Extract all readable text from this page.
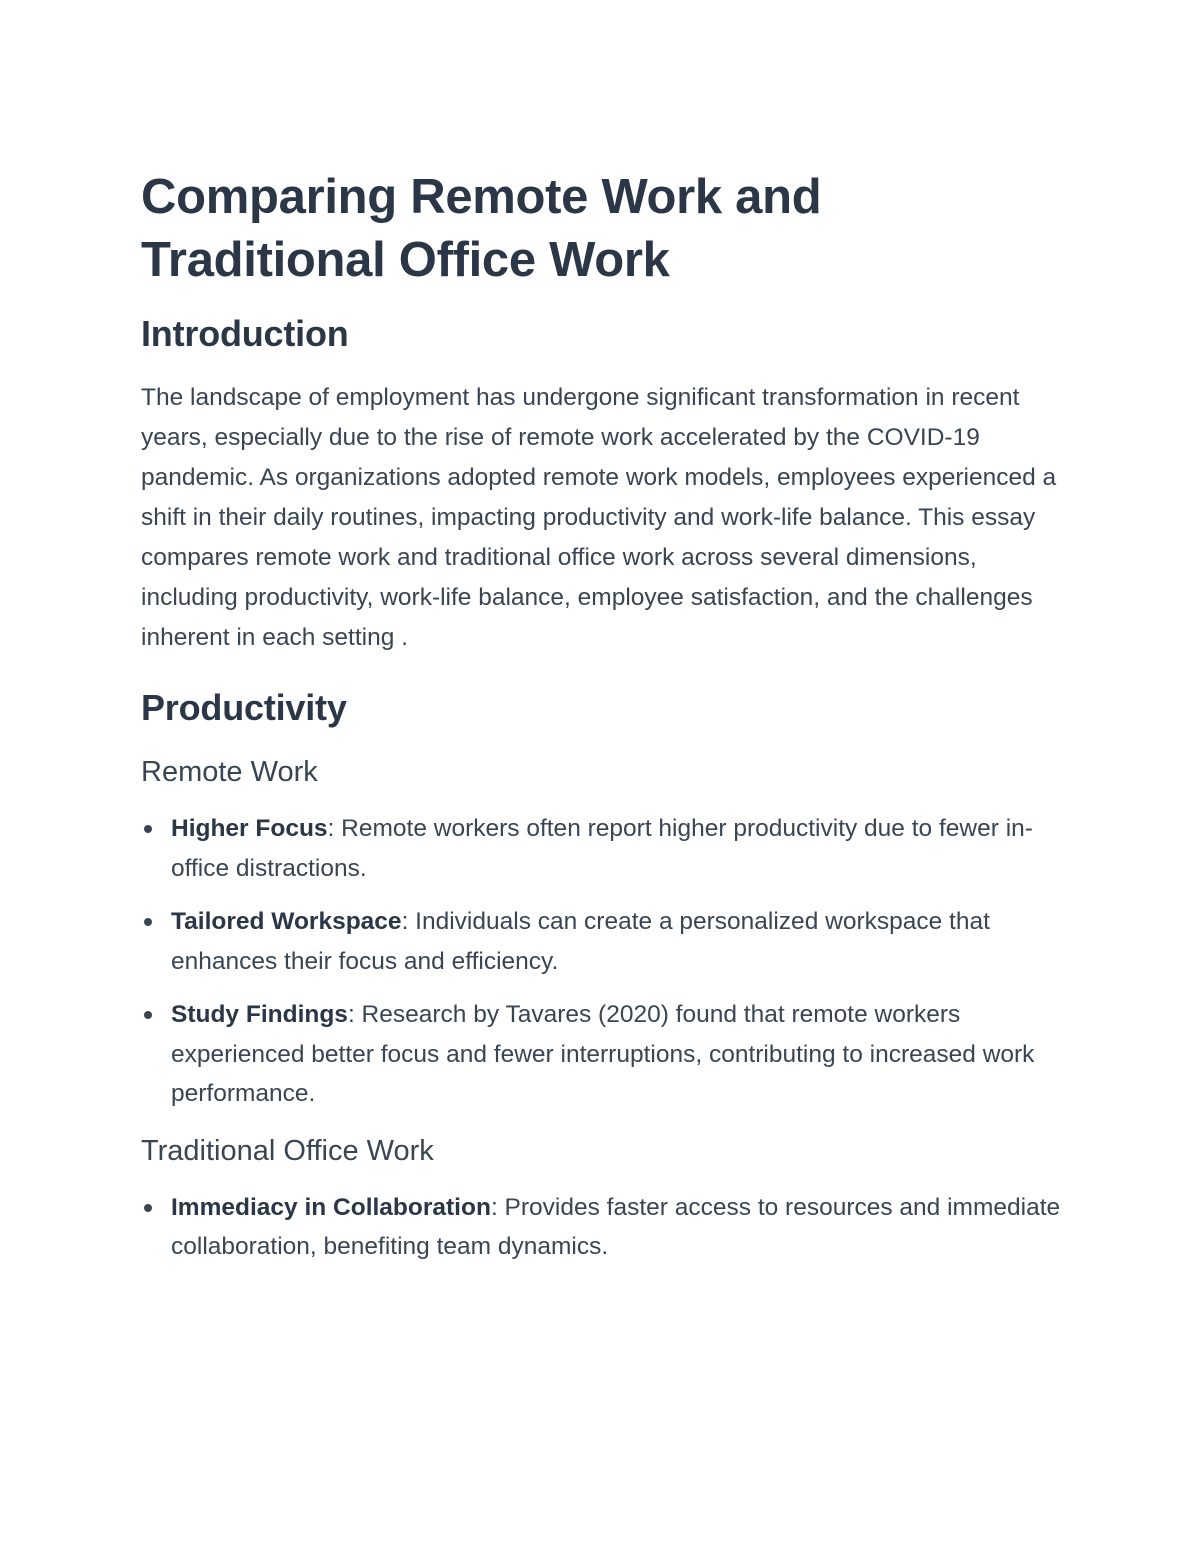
Comparing Remote Work and Traditional Office Work
Introduction

The landscape of employment has undergone significant transformation in recent years, especially due to the rise of remote work accelerated by the COVID-19 pandemic. As organizations adopted remote work models, employees experienced a shift in their daily routines, impacting productivity and work-life balance. This essay compares remote work and traditional office work across several dimensions, including productivity, work-life balance, employee satisfaction, and the challenges inherent in each setting .

Productivity
Remote Work
Higher Focus: Remote workers often report higher productivity due to fewer in-office distractions.
Tailored Workspace: Individuals can create a personalized workspace that enhances their focus and efficiency.
Study Findings: Research by Tavares (2020) found that remote workers experienced better focus and fewer interruptions, contributing to increased work performance.
Traditional Office Work
Immediacy in Collaboration: Provides faster access to resources and immediate collaboration, benefiting team dynamics.
